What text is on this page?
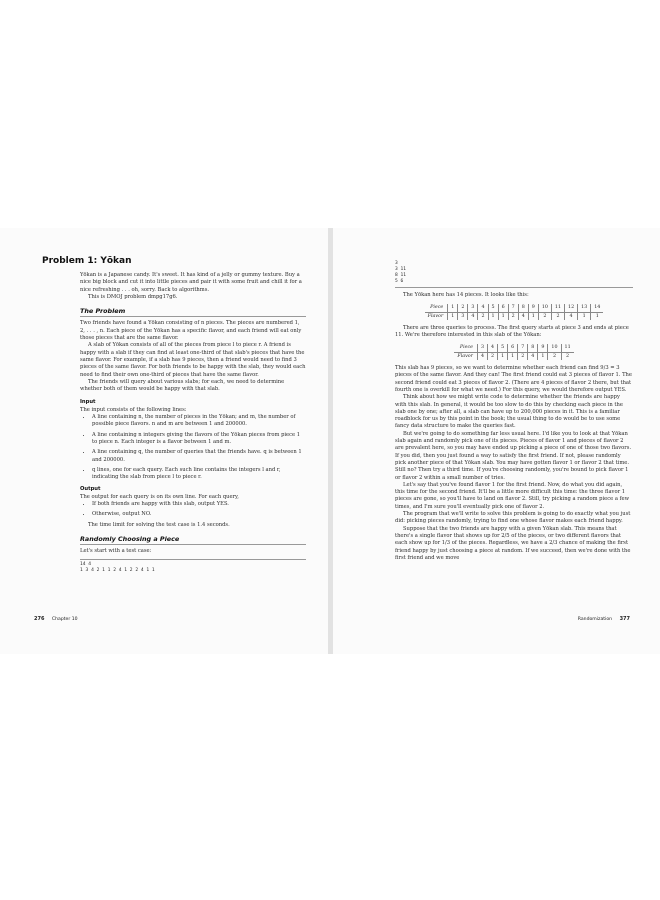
Problem 1: Yōkan

Yōkan is a Japanese candy. It's sweet. It has kind of a jelly or gummy texture. Buy a nice big block and cut it into little pieces and pair it with some fruit and chill it for a nice refreshing . . . oh, sorry. Back to algorithms.

This is DMOJ problem dmpg17g6.

The Problem

Two friends have found a Yōkan consisting of n pieces. The pieces are numbered 1, 2, . . . , n. Each piece of the Yōkan has a specific flavor, and each friend will eat only those pieces that are the same flavor.

A slab of Yōkan consists of all of the pieces from piece l to piece r. A friend is happy with a slab if they can find at least one-third of that slab's pieces that have the same flavor. For example, if a slab has 9 pieces, then a friend would need to find 3 pieces of the same flavor. For both friends to be happy with the slab, they would each need to find their own one-third of pieces that have the same flavor.

The friends will query about various slabs; for each, we need to determine whether both of them would be happy with that slab.

Input

The input consists of the following lines:

• A line containing n, the number of pieces in the Yōkan; and m, the number of possible piece flavors. n and m are between 1 and 200000.
• A line containing n integers giving the flavors of the Yōkan pieces from piece 1 to piece n. Each integer is a flavor between 1 and m.
• A line containing q, the number of queries that the friends have. q is between 1 and 200000.
• q lines, one for each query. Each such line contains the integers l and r, indicating the slab from piece l to piece r.
Output

The output for each query is on its own line. For each query,

• If both friends are happy with this slab, output YES.
• Otherwise, output NO.

The time limit for solving the test case is 1.4 seconds.

Randomly Choosing a Piece

Let's start with a test case:

14 4
1 3 4 2 1 1 2 4 1 2 2 4 1 1
276 Chapter 10
3
3 11
8 11
5 6

The Yōkan here has 14 pieces. It looks like this:

Piece	1	2	3	4	5	6	7	8	9	10	11	12	13	14
Flavor	1	3	4	2	1	1	2	4	1	2	2	4	1	1

There are three queries to process. The first query starts at piece 3 and ends at piece 11. We're therefore interested in this slab of the Yōkan:

Piece	3	4	5	6	7	8	9	10	11
Flavor	4	2	1	1	2	4	1	2	2

This slab has 9 pieces, so we want to determine whether each friend can find 9/3 = 3 pieces of the same flavor. And they can! The first friend could eat 3 pieces of flavor 1. The second friend could eat 3 pieces of flavor 2. (There are 4 pieces of flavor 2 there, but that fourth one is overkill for what we need.) For this query, we would therefore output YES.

Think about how we might write code to determine whether the friends are happy with this slab. In general, it would be too slow to do this by checking each piece in the slab one by one; after all, a slab can have up to 200,000 pieces in it. This is a familiar roadblock for us by this point in the book; the usual thing to do would be to use some fancy data structure to make the queries fast.

But we're going to do something far less usual here. I'd like you to look at that Yōkan slab again and randomly pick one of its pieces. Pieces of flavor 1 and pieces of flavor 2 are prevalent here, so you may have ended up picking a piece of one of those two flavors. If you did, then you just found a way to satisfy the first friend. If not, please randomly pick another piece of that Yōkan slab. You may have gotten flavor 1 or flavor 2 that time. Still no? Then try a third time. If you're choosing randomly, you're bound to pick flavor 1 or flavor 2 within a small number of tries.

Let's say that you've found flavor 1 for the first friend. Now, do what you did again, this time for the second friend. It'll be a little more difficult this time: the three flavor 1 pieces are gone, so you'll have to land on flavor 2. Still, try picking a random piece a few times, and I'm sure you'll eventually pick one of flavor 2.

The program that we'll write to solve this problem is going to do exactly what you just did: picking pieces randomly, trying to find one whose flavor makes each friend happy.

Suppose that the two friends are happy with a given Yōkan slab. This means that there's a single flavor that shows up for 2/5 of the pieces, or two different flavors that each show up for 1/3 of the pieces. Regardless, we have a 2/3 chance of making the first friend happy by just choosing a piece at random. If we succeed, then we're done with the first friend and we move

Randomization 377
